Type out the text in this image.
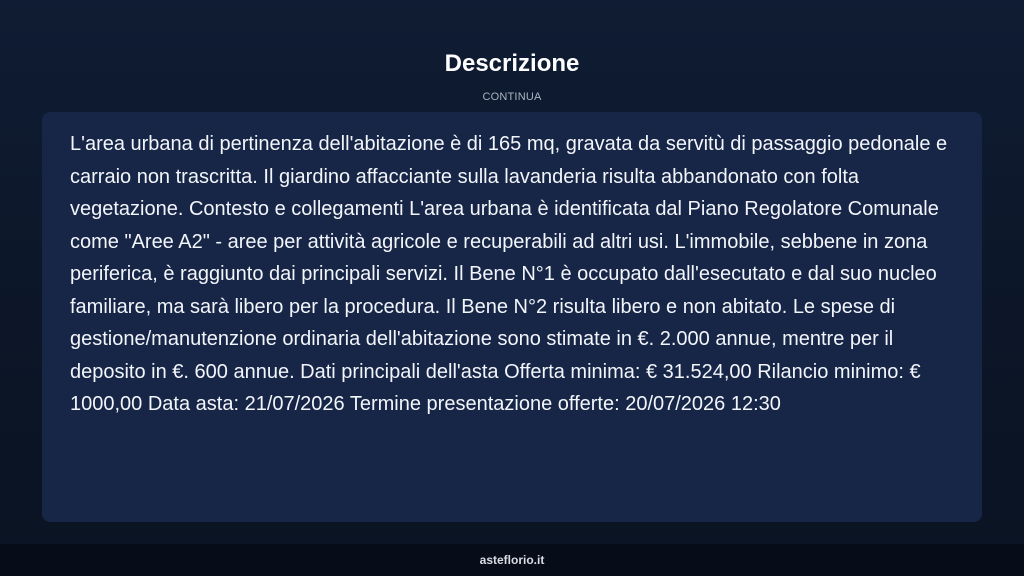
Descrizione
CONTINUA

L'area urbana di pertinenza dell'abitazione è di 165 mq, gravata da servitù di passaggio pedonale e carraio non trascritta. Il giardino affacciante sulla lavanderia risulta abbandonato con folta vegetazione. Contesto e collegamenti L'area urbana è identificata dal Piano Regolatore Comunale come "Aree A2" - aree per attività agricole e recuperabili ad altri usi. L'immobile, sebbene in zona periferica, è raggiunto dai principali servizi. Il Bene N°1 è occupato dall'esecutato e dal suo nucleo familiare, ma sarà libero per la procedura. Il Bene N°2 risulta libero e non abitato. Le spese di gestione/manutenzione ordinaria dell'abitazione sono stimate in €. 2.000 annue, mentre per il deposito in €. 600 annue. Dati principali dell'asta Offerta minima: € 31.524,00 Rilancio minimo: € 1000,00 Data asta: 21/07/2026 Termine presentazione offerte: 20/07/2026 12:30

asteflorio.it
